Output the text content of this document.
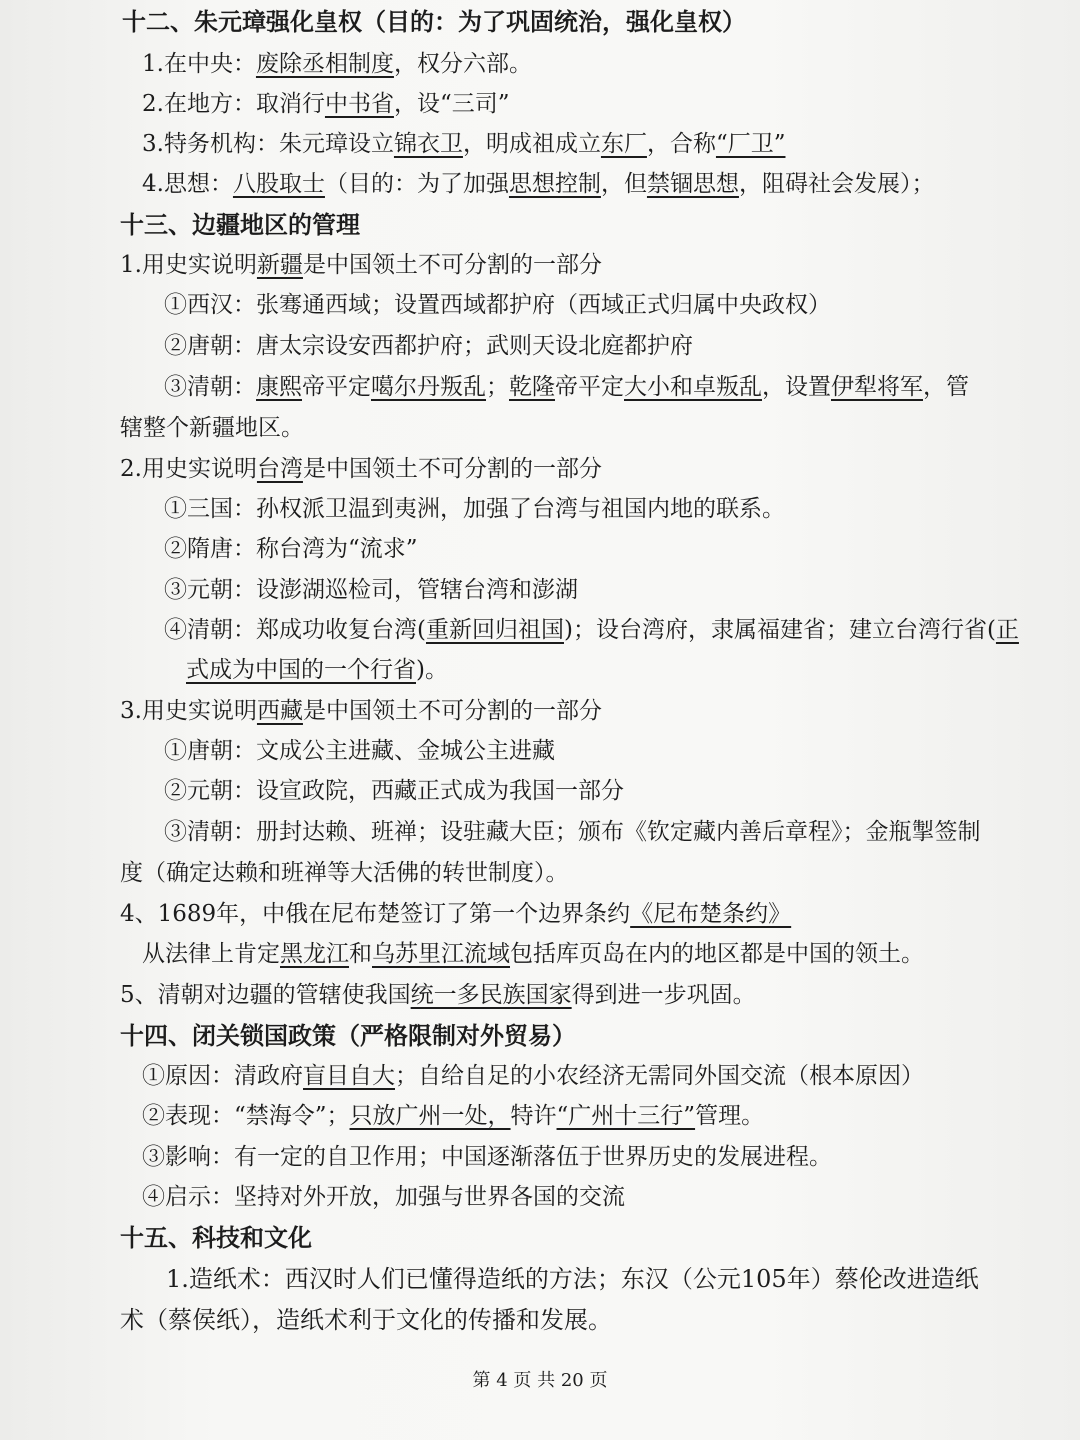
十二、朱元璋强化皇权（目的：为了巩固统治，强化皇权）
1.在中央：废除丞相制度，权分六部。
2.在地方：取消行中书省，设“三司”
3.特务机构：朱元璋设立锦衣卫，明成祖成立东厂，合称“厂卫”
4.思想：八股取士（目的：为了加强思想控制，但禁锢思想，阻碍社会发展）；
十三、边疆地区的管理
1.用史实说明新疆是中国领土不可分割的一部分
①西汉：张骞通西域；设置西域都护府（西域正式归属中央政权）
②唐朝：唐太宗设安西都护府；武则天设北庭都护府
③清朝：康熙帝平定噶尔丹叛乱；乾隆帝平定大小和卓叛乱，设置伊犁将军，管
辖整个新疆地区。
2.用史实说明台湾是中国领土不可分割的一部分
①三国：孙权派卫温到夷洲，加强了台湾与祖国内地的联系。
②隋唐：称台湾为“流求”
③元朝：设澎湖巡检司，管辖台湾和澎湖
④清朝：郑成功收复台湾(重新回归祖国)；设台湾府，隶属福建省；建立台湾行省(正
式成为中国的一个行省)。
3.用史实说明西藏是中国领土不可分割的一部分
①唐朝：文成公主进藏、金城公主进藏
②元朝：设宣政院，西藏正式成为我国一部分
③清朝：册封达赖、班禅；设驻藏大臣；颁布《钦定藏内善后章程》；金瓶掣签制
度（确定达赖和班禅等大活佛的转世制度）。
4、1689年，中俄在尼布楚签订了第一个边界条约《尼布楚条约》
从法律上肯定黑龙江和乌苏里江流域包括库页岛在内的地区都是中国的领土。
5、清朝对边疆的管辖使我国统一多民族国家得到进一步巩固。
十四、闭关锁国政策（严格限制对外贸易）
①原因：清政府盲目自大；自给自足的小农经济无需同外国交流（根本原因）
②表现：“禁海令”；只放广州一处，特许“广州十三行”管理。
③影响：有一定的自卫作用；中国逐渐落伍于世界历史的发展进程。
④启示：坚持对外开放，加强与世界各国的交流
十五、科技和文化
1.造纸术：西汉时人们已懂得造纸的方法；东汉（公元105年）蔡伦改进造纸
术（蔡侯纸），造纸术利于文化的传播和发展。
第 4 页 共 20 页
